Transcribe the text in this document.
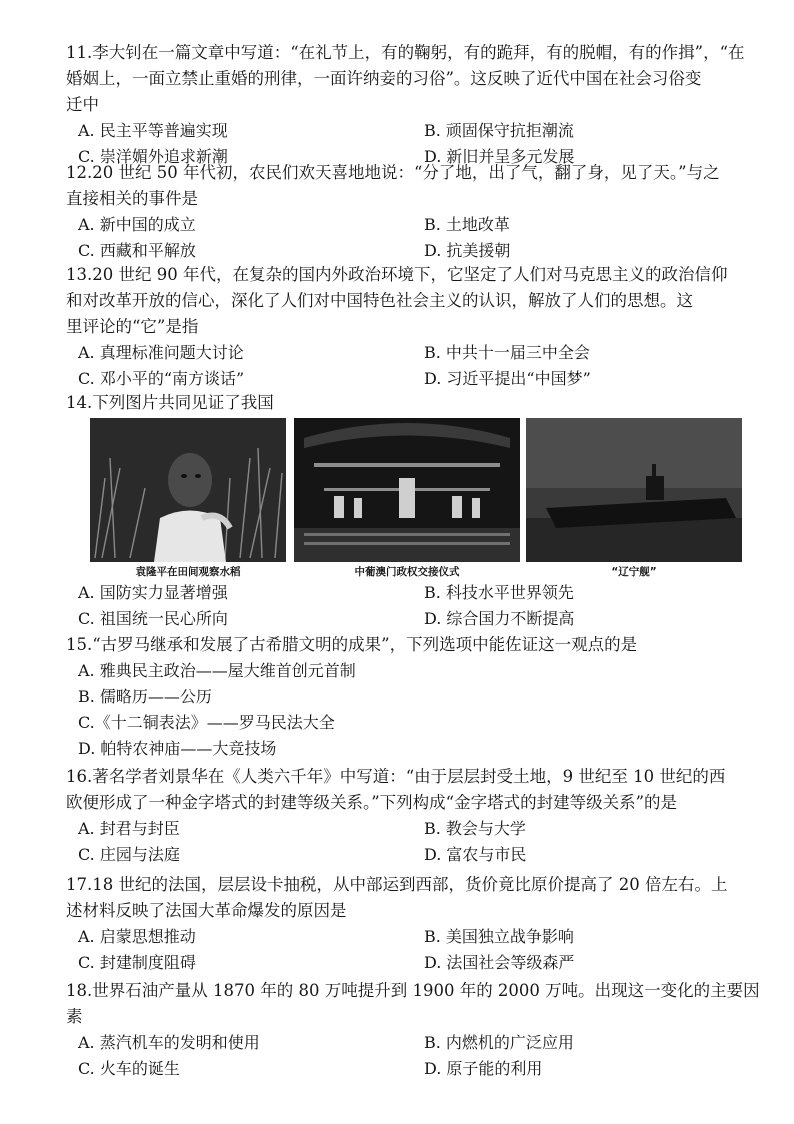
11.李大钊在一篇文章中写道：“在礼节上，有的鞠躬，有的跪拜，有的脱帽，有的作揖”，“在
婚姻上，一面立禁止重婚的刑律，一面许纳妾的习俗”。这反映了近代中国在社会习俗变
迁中

A. 民主平等普遍实现	B. 顽固保守抗拒潮流
C. 崇洋媚外追求新潮	D. 新旧并呈多元发展

12.20 世纪 50 年代初，农民们欢天喜地地说：“分了地，出了气，翻了身，见了天。”与之
直接相关的事件是

A. 新中国的成立	B. 土地改革
C. 西藏和平解放	D. 抗美援朝

13.20 世纪 90 年代，在复杂的国内外政治环境下，它坚定了人们对马克思主义的政治信仰
和对改革开放的信心，深化了人们对中国特色社会主义的认识，解放了人们的思想。这
里评论的“它”是指

A. 真理标准问题大讨论	B. 中共十一届三中全会
C. 邓小平的“南方谈话”	D. 习近平提出“中国梦”

14.下列图片共同见证了我国

袁隆平在田间观察水稻	中葡澳门政权交接仪式	“辽宁舰”
A. 国防实力显著增强	B. 科技水平世界领先
C. 祖国统一民心所向	D. 综合国力不断提高

15.“古罗马继承和发展了古希腊文明的成果”，下列选项中能佐证这一观点的是

A. 雅典民主政治——屋大维首创元首制
B. 儒略历——公历
C.《十二铜表法》——罗马民法大全
D. 帕特农神庙——大竞技场

16.著名学者刘景华在《人类六千年》中写道：“由于层层封受土地，9 世纪至 10 世纪的西
欧便形成了一种金字塔式的封建等级关系。”下列构成“金字塔式的封建等级关系”的是

A. 封君与封臣	B. 教会与大学
C. 庄园与法庭	D. 富农与市民

17.18 世纪的法国，层层设卡抽税，从中部运到西部，货价竟比原价提高了 20 倍左右。上
述材料反映了法国大革命爆发的原因是

A. 启蒙思想推动	B. 美国独立战争影响
C. 封建制度阻碍	D. 法国社会等级森严

18.世界石油产量从 1870 年的 80 万吨提升到 1900 年的 2000 万吨。出现这一变化的主要因
素

A. 蒸汽机车的发明和使用	B. 内燃机的广泛应用
C. 火车的诞生	D. 原子能的利用
